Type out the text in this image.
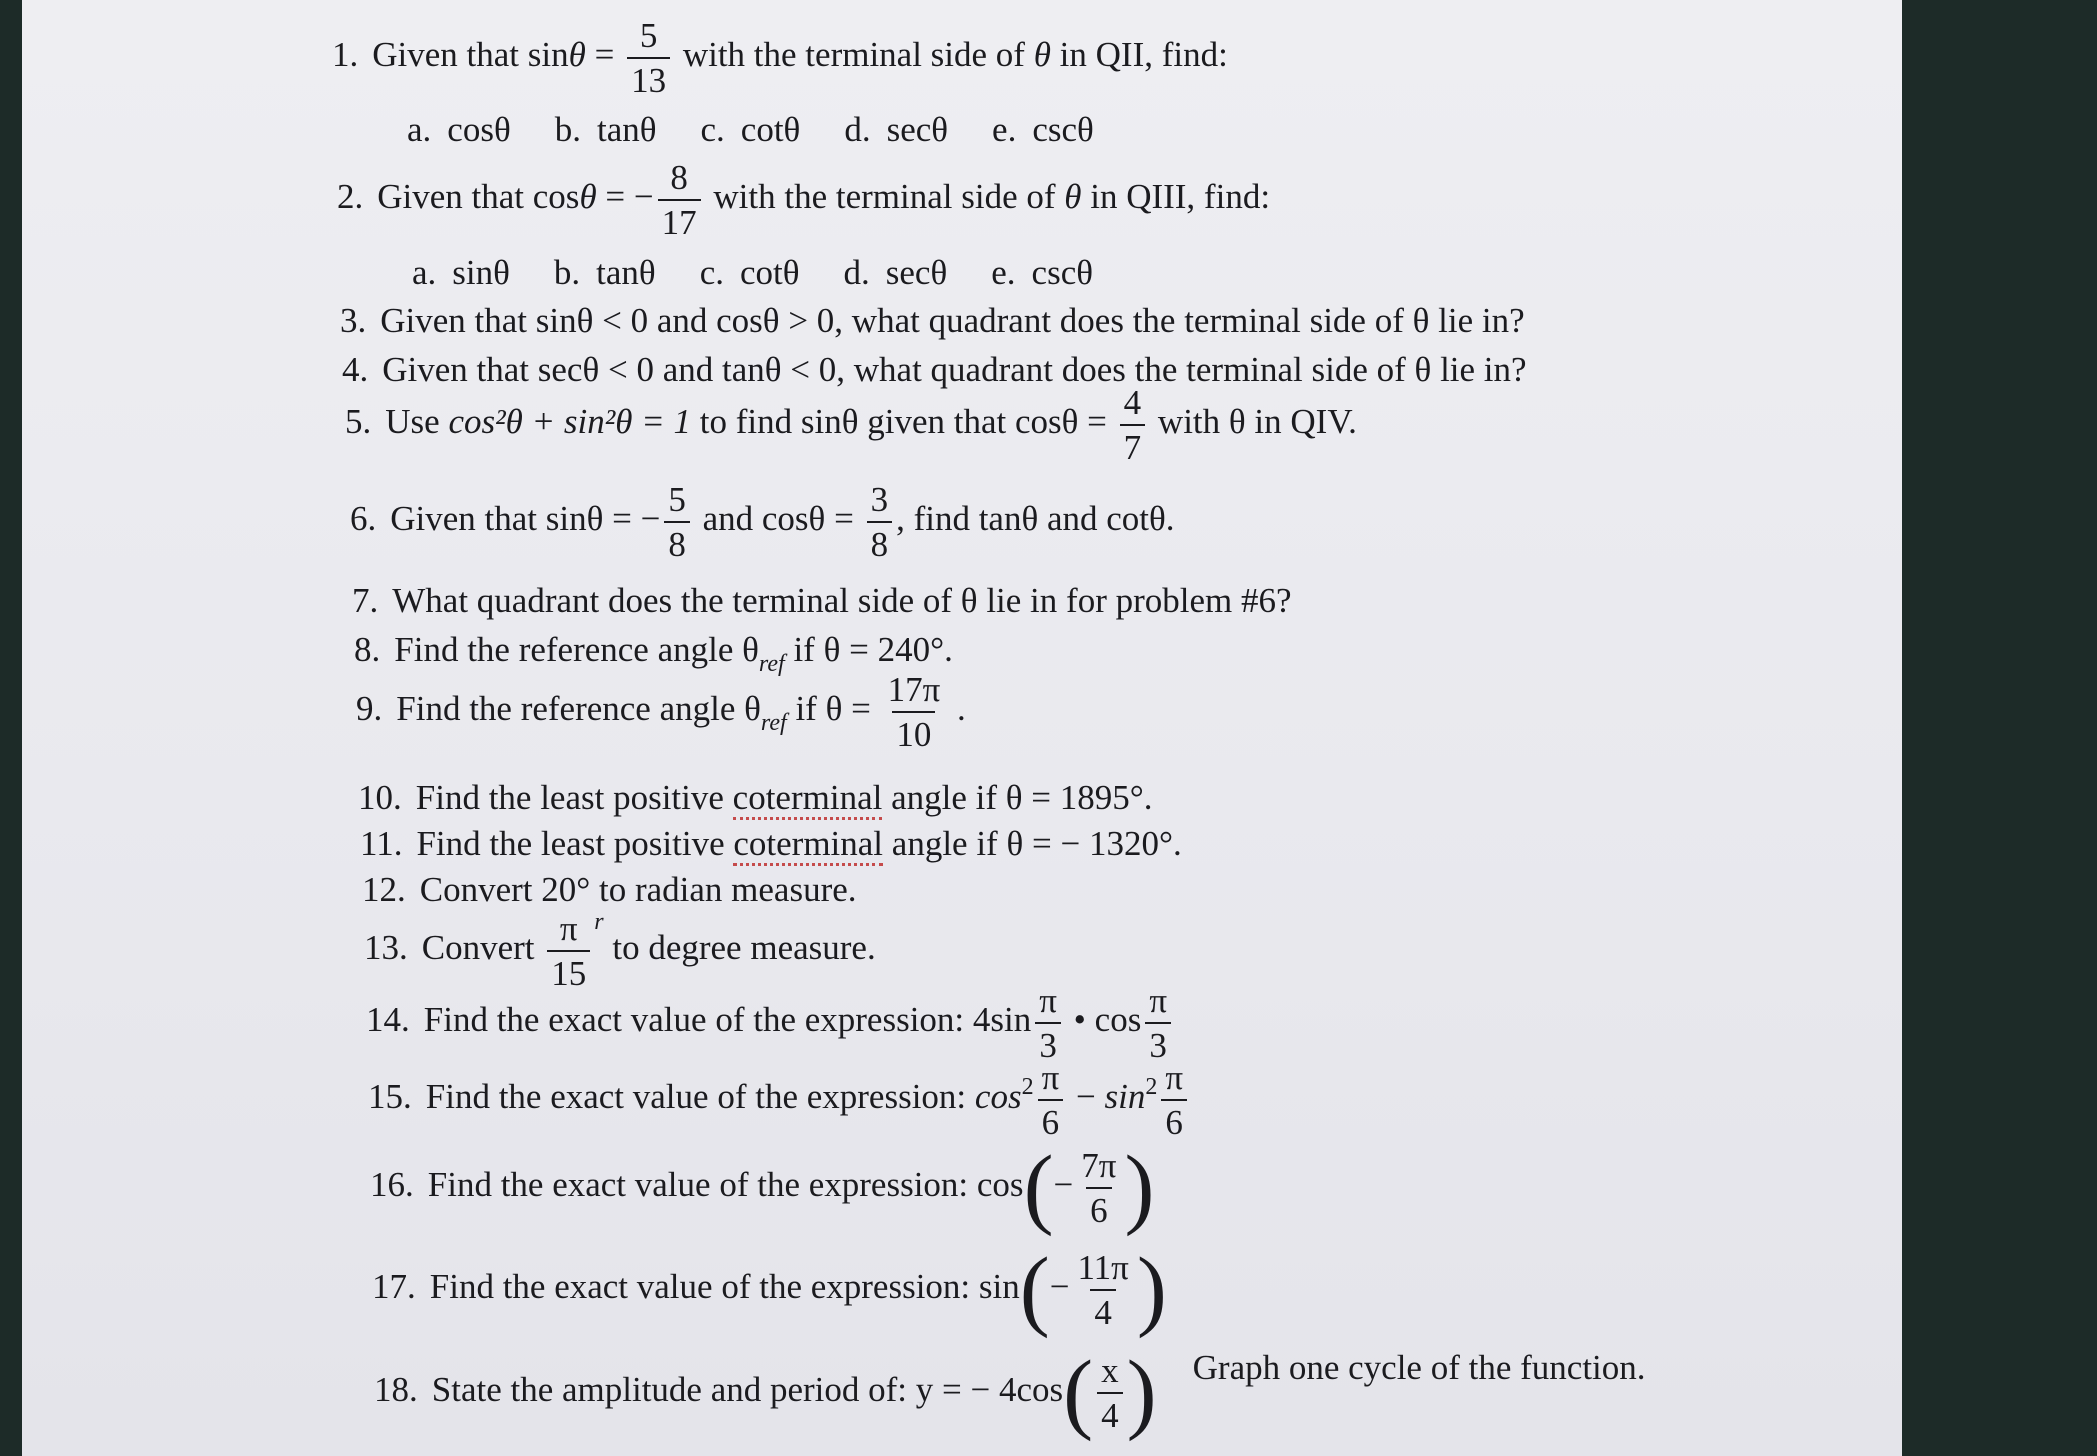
1. Given that $\sin\theta = \frac{5}{13}$ with the terminal side of θ in QII, find:
a. cosθ b. tanθ c. cotθ d. secθ e. cscθ
2. Given that cosθ = − $\frac{8}{17}$ with the terminal side of θ in QIII, find:
a. sinθ b. tanθ c. cotθ d. secθ e. cscθ
3. Given that sinθ < 0 and cosθ > 0, what quadrant does the terminal side of θ lie in?
4. Given that secθ < 0 and tanθ < 0, what quadrant does the terminal side of θ lie in?
5. Use cos²θ + sin²θ = 1 to find sinθ given that $\cos\theta = \frac{4}{7}$ with θ in QIV.
6. Given that sinθ = − $\frac{5}{8}$ and $\cos\theta = \frac{3}{8}$ , find tanθ and cotθ.
7. What quadrant does the terminal side of θ lie in for problem #6?
8. Find the reference angle $\theta_{ref}$ if θ = 240°.
9. Find the reference angle $\theta_{ref}$ if $\theta = \frac{17\pi}{10}$ .
10. Find the least positive coterminal angle if θ = 1895°.
11. Find the least positive coterminal angle if θ = − 1320°.
12. Convert 20° to radian measure.
13. Convert $\frac{\pi}{15} ^r$ to degree measure.
14. Find the exact value of the expression: $4\sin \frac{\pi}{3}$ • $\cos \frac{\pi}{3}$
15. Find the exact value of the expression: $\cos^2 \frac{\pi}{6} - \sin^2 \frac{\pi}{6}$
16. Find the exact value of the expression: $\cos(- \frac{7\pi}{6}$ )
17. Find the exact value of the expression: $\sin(- \frac{11\pi}{4}$ )
18. State the amplitude and period of: y = − $4\cos( \frac{x}{4}$ ) Graph one cycle of the function.
